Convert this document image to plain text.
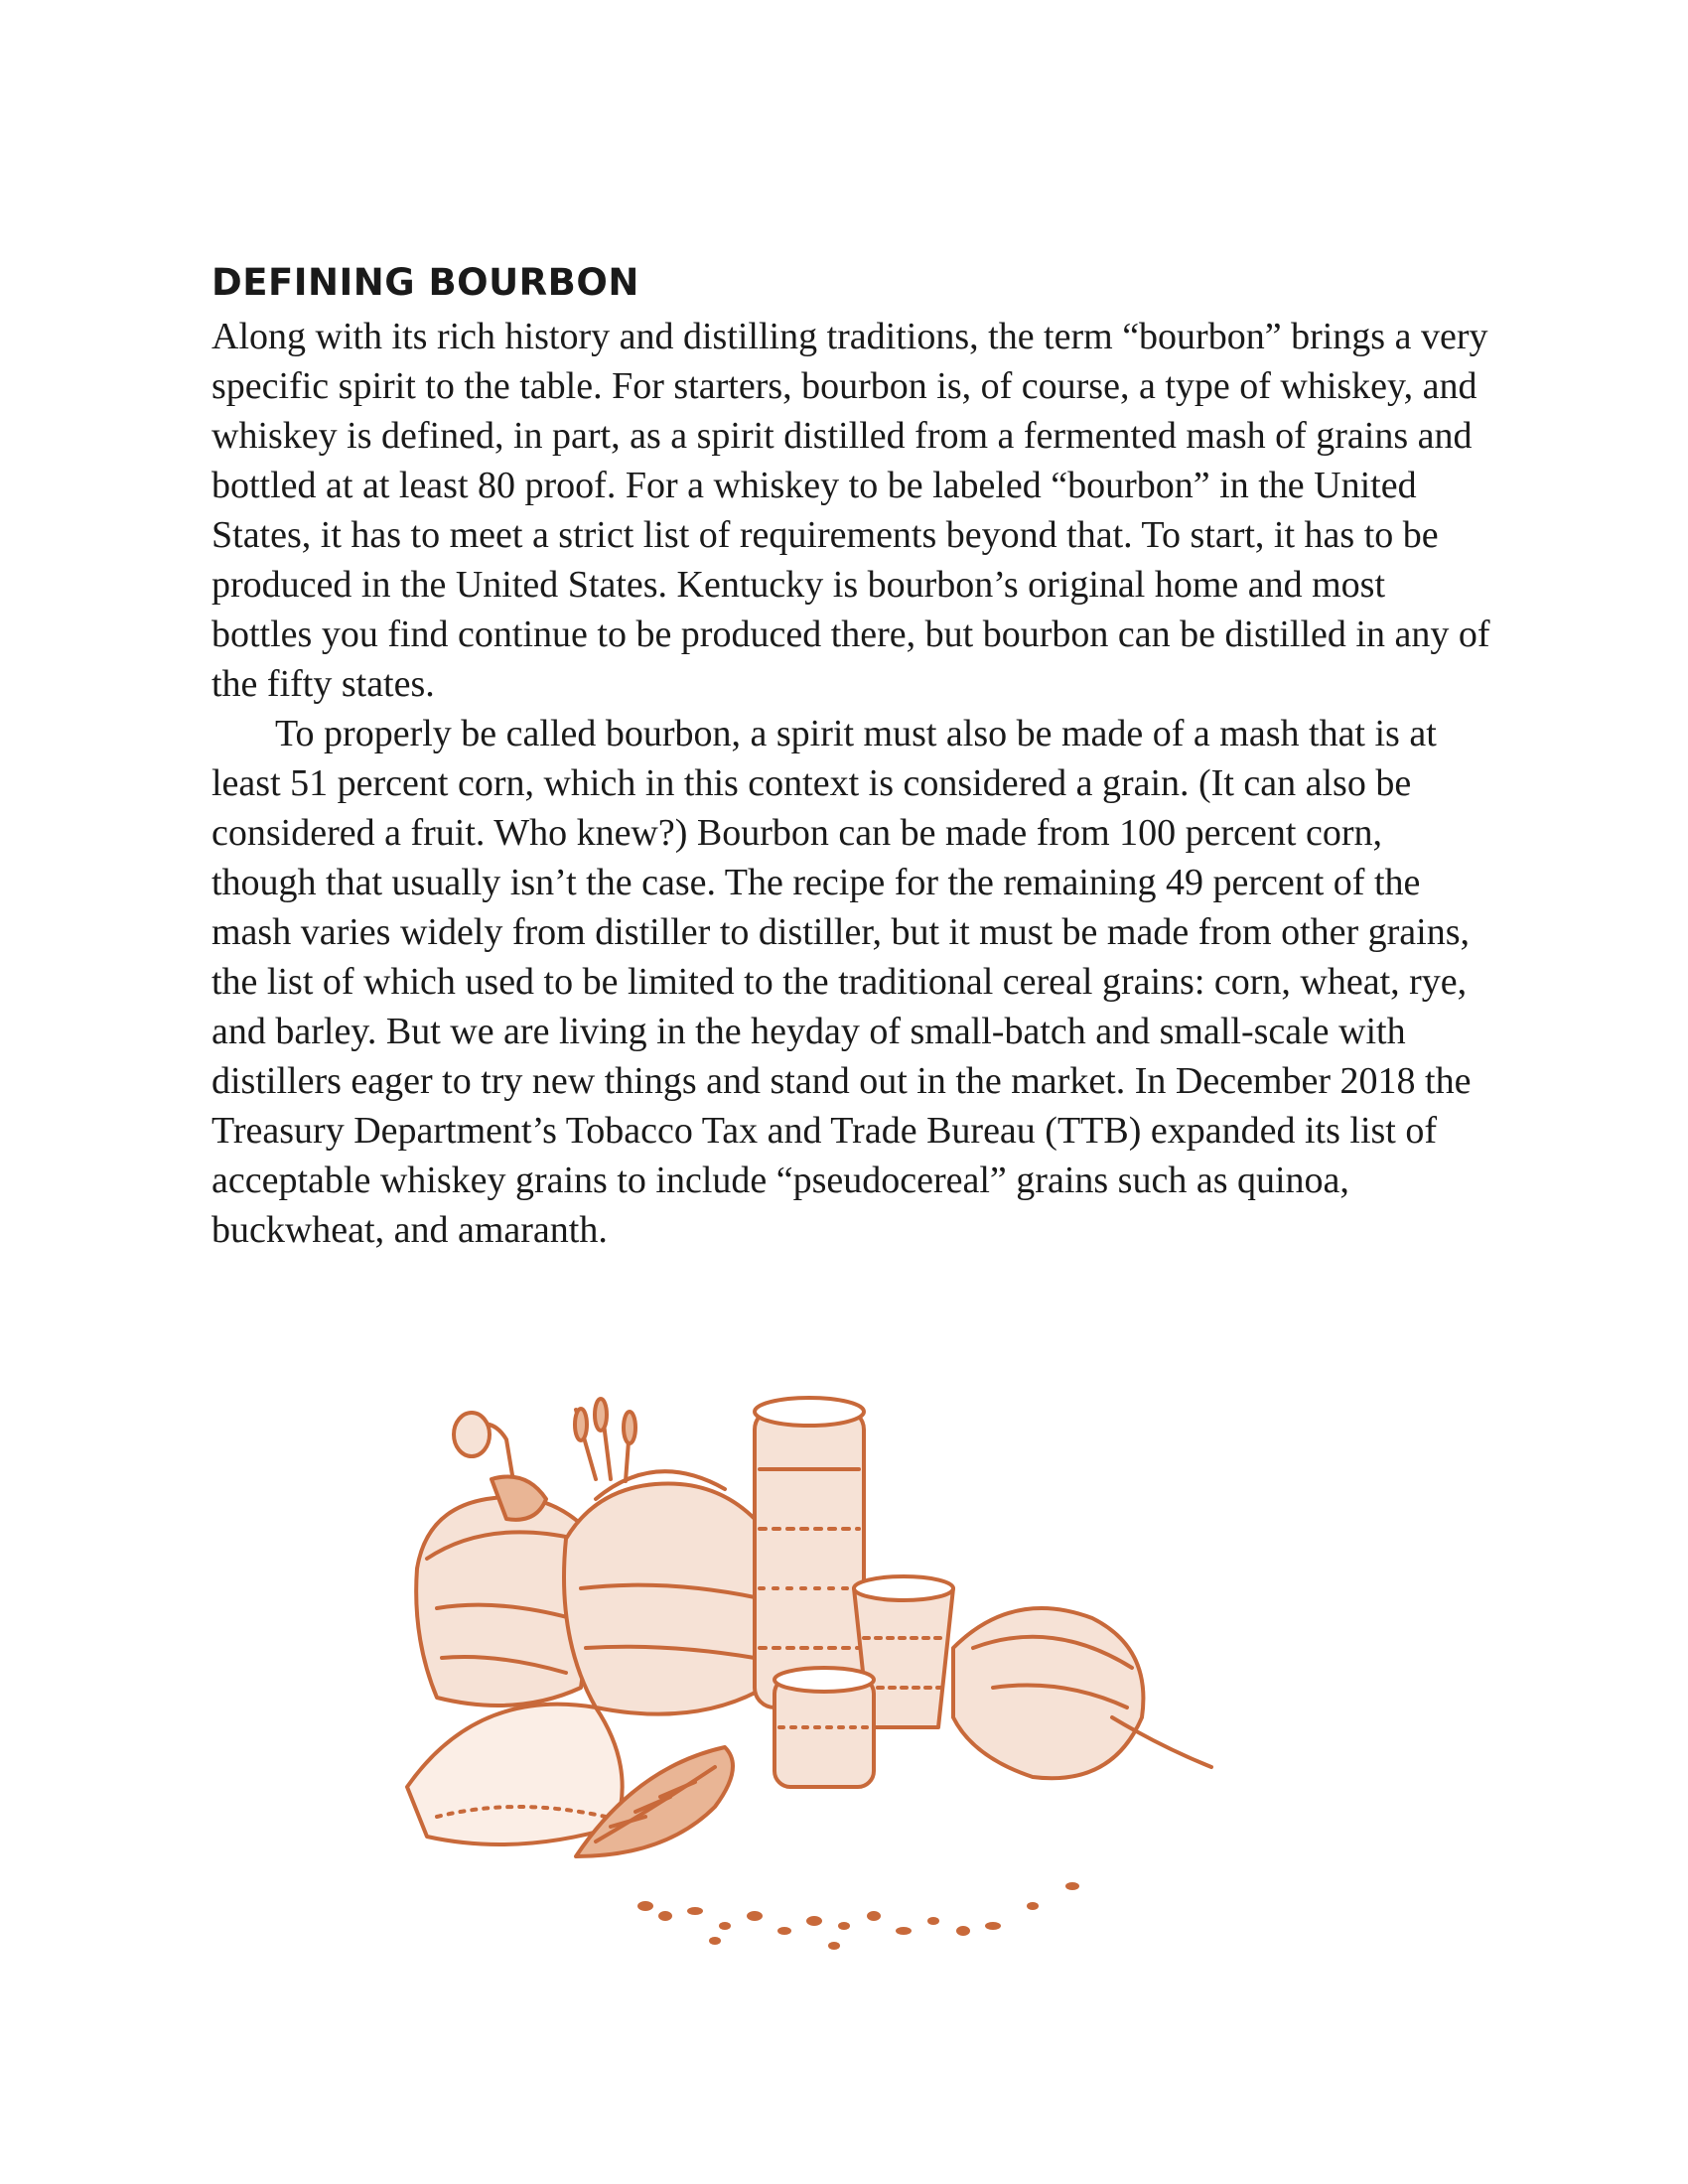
DEFINING BOURBON

Along with its rich history and distilling traditions, the term “bourbon” brings a very specific spirit to the table. For starters, bourbon is, of course, a type of whiskey, and whiskey is defined, in part, as a spirit distilled from a fermented mash of grains and bottled at at least 80 proof. For a whiskey to be labeled “bourbon” in the United States, it has to meet a strict list of requirements beyond that. To start, it has to be produced in the United States. Kentucky is bourbon’s original home and most bottles you find continue to be produced there, but bourbon can be distilled in any of the fifty states.

To properly be called bourbon, a spirit must also be made of a mash that is at least 51 percent corn, which in this context is considered a grain. (It can also be considered a fruit. Who knew?) Bourbon can be made from 100 percent corn, though that usually isn’t the case. The recipe for the remaining 49 percent of the mash varies widely from distiller to distiller, but it must be made from other grains, the list of which used to be limited to the traditional cereal grains: corn, wheat, rye, and barley. But we are living in the heyday of small-batch and small-scale with distillers eager to try new things and stand out in the market. In December 2018 the Treasury Department’s Tobacco Tax and Trade Bureau (TTB) expanded its list of acceptable whiskey grains to include “pseudocereal” grains such as quinoa, buckwheat, and amaranth.
